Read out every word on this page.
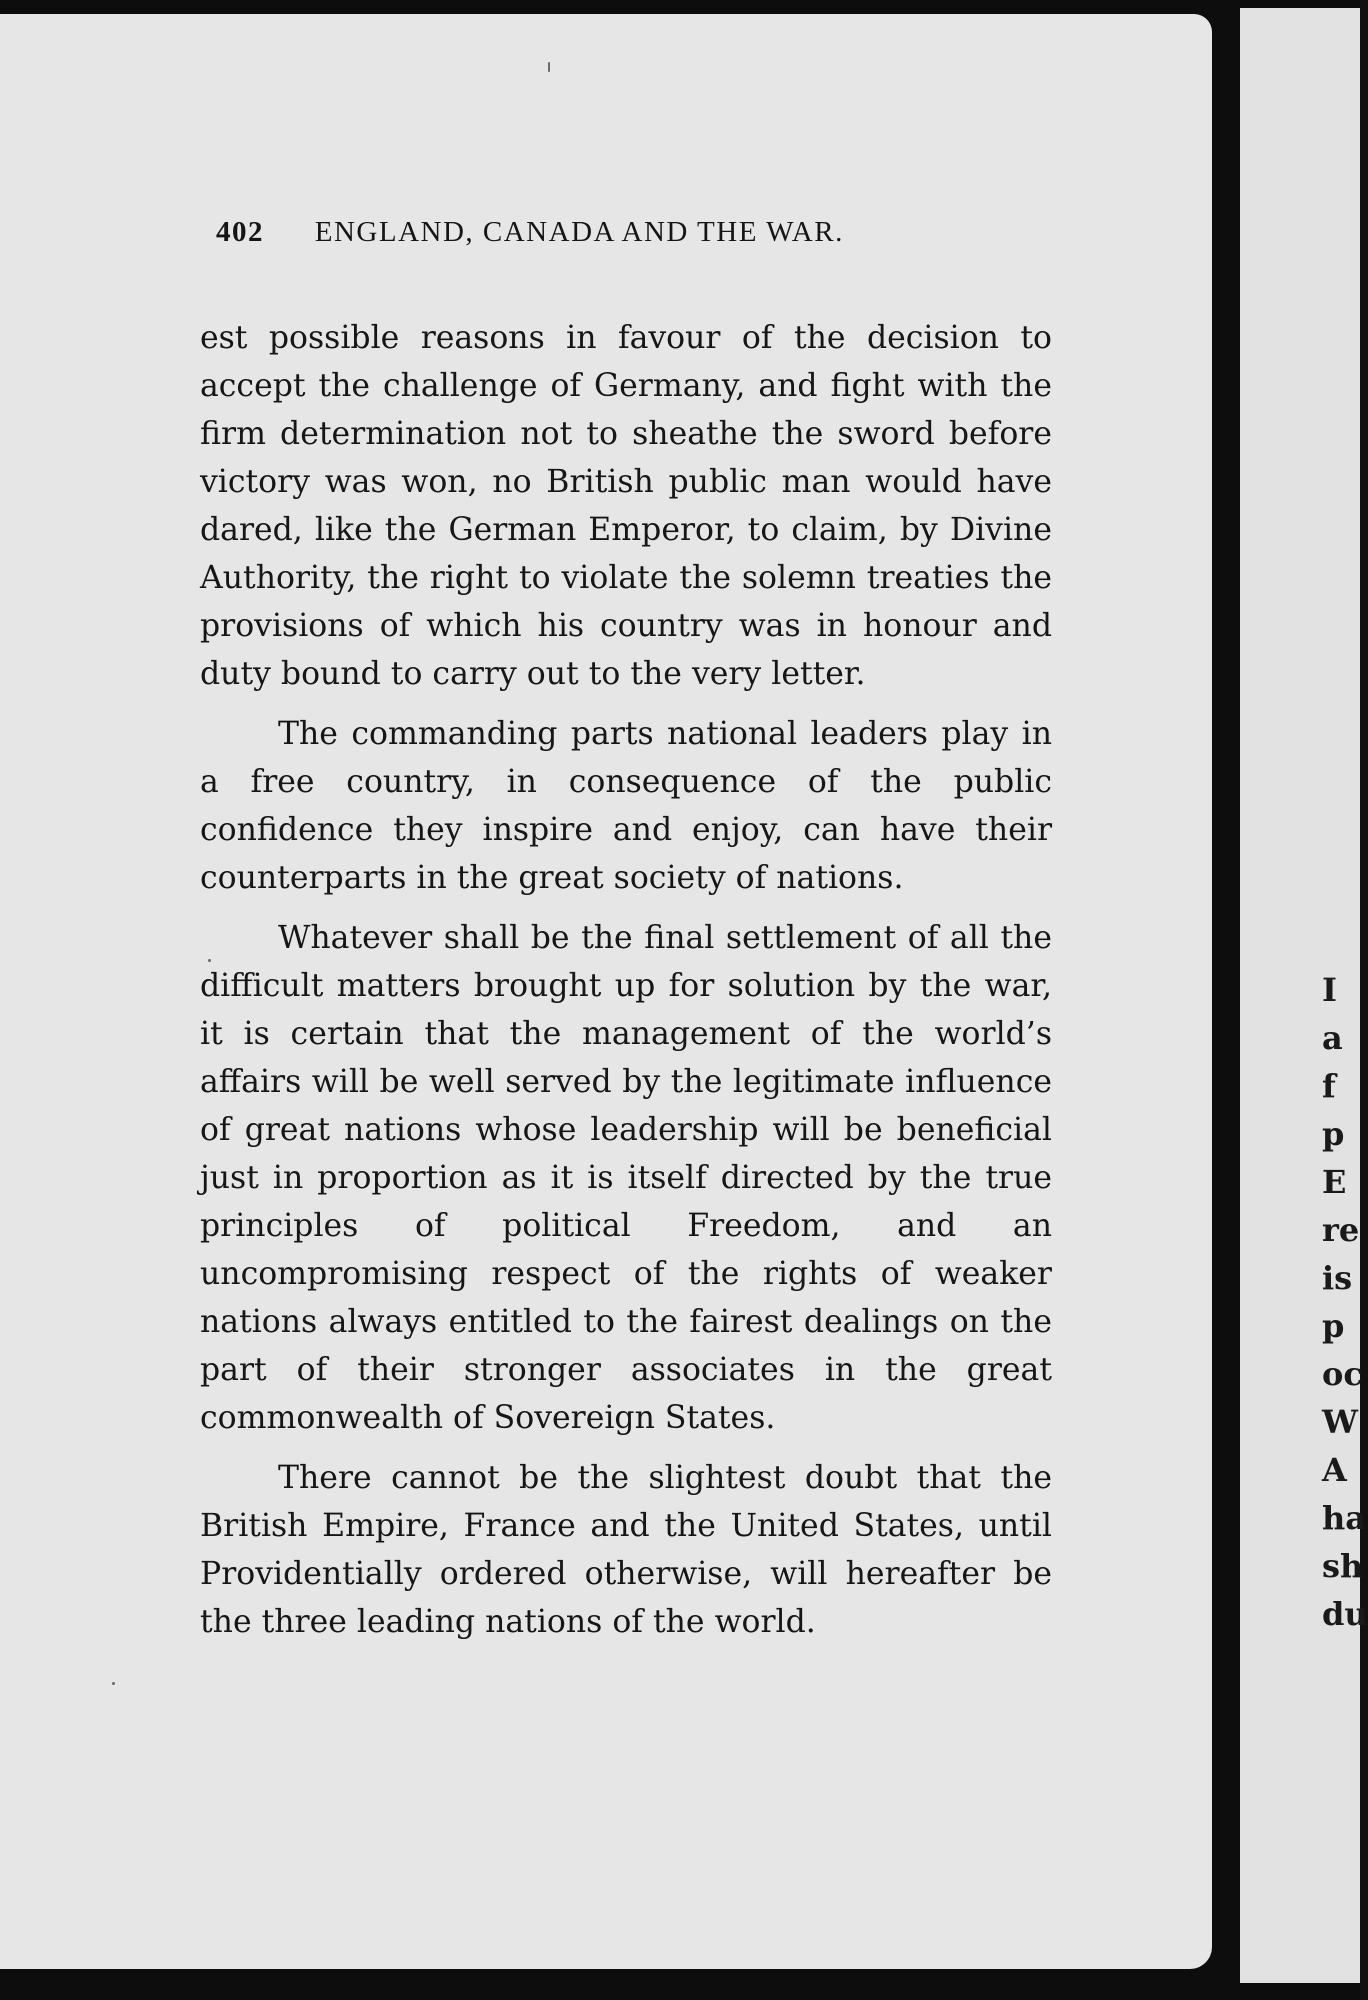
402 ENGLAND, CANADA AND THE WAR.

est possible reasons in favour of the decision to accept the challenge of Germany, and fight with the firm determination not to sheathe the sword before victory was won, no British public man would have dared, like the German Emperor, to claim, by Divine Authority, the right to violate the solemn treaties the provisions of which his country was in honour and duty bound to carry out to the very letter.

The commanding parts national leaders play in a free country, in consequence of the public confidence they inspire and enjoy, can have their counterparts in the great society of nations.

Whatever shall be the final settlement of all the difficult matters brought up for solution by the war, it is certain that the management of the world’s affairs will be well served by the legitimate influence of great nations whose leadership will be beneficial just in proportion as it is itself directed by the true principles of political Freedom, and an uncompromising respect of the rights of weaker nations always entitled to the fairest dealings on the part of their stronger associates in the great commonwealth of Sovereign States.

There cannot be the slightest doubt that the British Empire, France and the United States, until Providentially ordered otherwise, will hereafter be the three leading nations of the world.

I
a
f
p
E
re
is
p
oc
W
A
ha
sh
du
